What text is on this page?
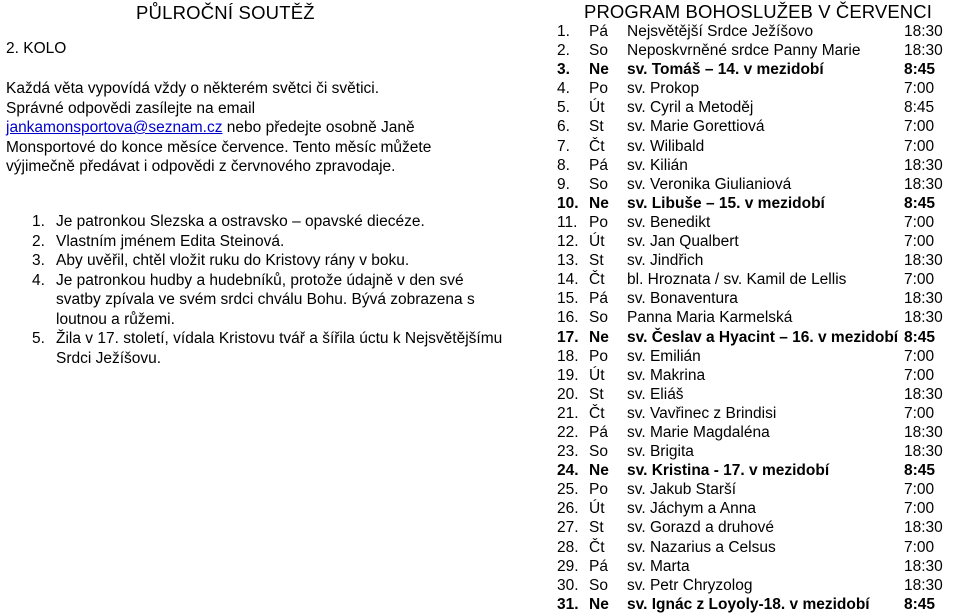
PŮLROČNÍ SOUTĚŽ
2. KOLO
Každá věta vypovídá vždy o některém světci či světici. Správné odpovědi zasílejte na email jankamonsportova@seznam.cz nebo předejte osobně Janě Monsportové do konce měsíce července. Tento měsíc můžete výjimečně předávat i odpovědi z červnového zpravodaje.
1. Je patronkou Slezska a ostravsko – opavské diecéze.
2. Vlastním jménem Edita Steinová.
3. Aby uvěřil, chtěl vložit ruku do Kristovy rány v boku.
4. Je patronkou hudby a hudebníků, protože údajně v den své svatby zpívala ve svém srdci chválu Bohu. Bývá zobrazena s loutnou a růžemi.
5. Žila v 17. století, vídala Kristovu tvář a šířila úctu k Nejsvětějšímu Srdci Ježíšovu.
PROGRAM BOHOSLUŽEB V ČERVENCI
1. Pá Nejsvětější Srdce Ježíšovo	18:30
2. So Neposkvrněné srdce Panny Marie	18:30
3. Ne sv. Tomáš – 14. v mezidobí	8:45
4. Po sv. Prokop	7:00
5. Út sv. Cyril a Metoděj	8:45
6. St sv. Marie Gorettiová	7:00
7. Čt sv. Wilibald	7:00
8. Pá sv. Kilián	18:30
9. So sv. Veronika Giulianiová	18:30
10. Ne sv. Libuše – 15. v mezidobí	8:45
11. Po sv. Benedikt	7:00
12. Út sv. Jan Qualbert	7:00
13. St sv. Jindřich	18:30
14. Čt bl. Hroznata / sv. Kamil de Lellis	7:00
15. Pá sv. Bonaventura	18:30
16. So Panna Maria Karmelská	18:30
17. Ne sv. Česlav a Hyacint – 16. v mezidobí 8:45
18. Po sv. Emilián	7:00
19. Út sv. Makrina	7:00
20. St sv. Eliáš	18:30
21. Čt sv. Vavřinec z Brindisi	7:00
22. Pá sv. Marie Magdaléna	18:30
23. So sv. Brigita	18:30
24. Ne sv. Kristina - 17. v mezidobí	8:45
25. Po sv. Jakub Starší	7:00
26. Út sv. Jáchym a Anna	7:00
27. St sv. Gorazd a druhové	18:30
28. Čt sv. Nazarius a Celsus	7:00
29. Pá sv. Marta	18:30
30. So sv. Petr Chryzolog	18:30
31. Ne sv. Ignác z Loyoly-18. v mezidobí 8:45
